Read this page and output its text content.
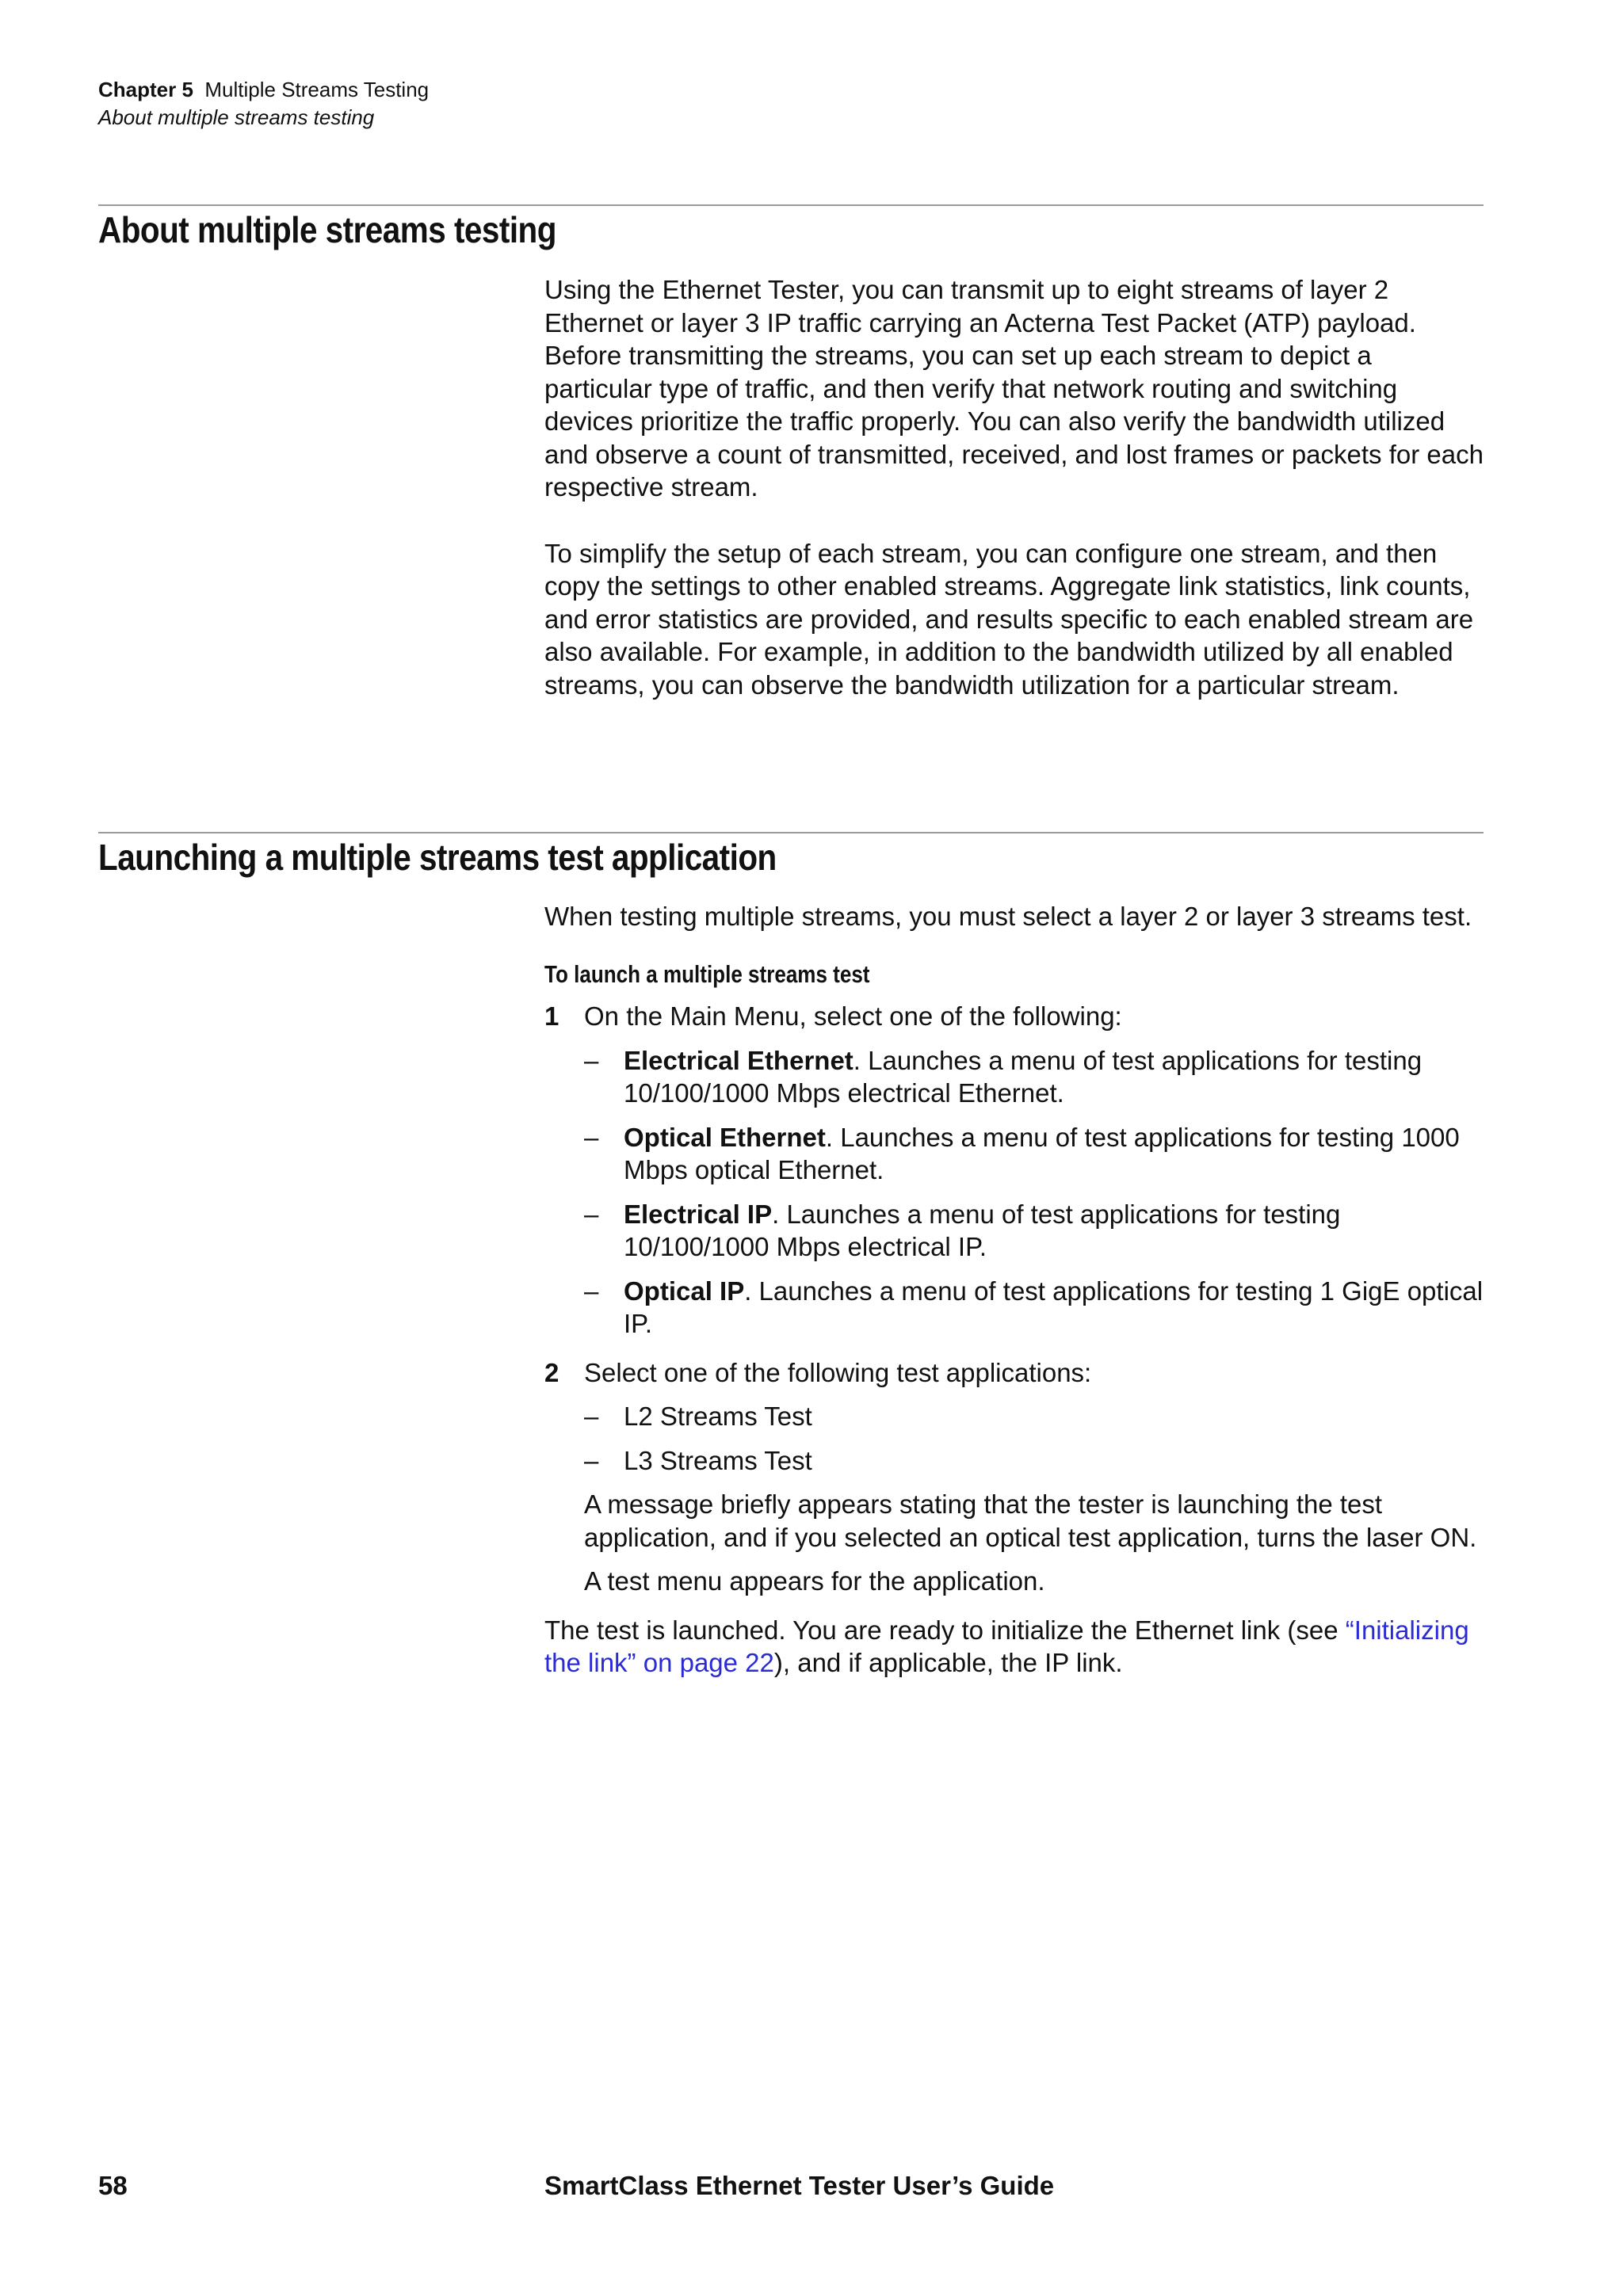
Chapter 5 Multiple Streams Testing
About multiple streams testing
About multiple streams testing

Using the Ethernet Tester, you can transmit up to eight streams of layer 2 Ethernet or layer 3 IP traffic carrying an Acterna Test Packet (ATP) payload. Before transmitting the streams, you can set up each stream to depict a particular type of traffic, and then verify that network routing and switching devices prioritize the traffic properly. You can also verify the bandwidth utilized and observe a count of transmitted, received, and lost frames or packets for each respective stream.

To simplify the setup of each stream, you can configure one stream, and then copy the settings to other enabled streams. Aggregate link statistics, link counts, and error statistics are provided, and results specific to each enabled stream are also available. For example, in addition to the bandwidth utilized by all enabled streams, you can observe the bandwidth utilization for a particular stream.

Launching a multiple streams test application

When testing multiple streams, you must select a layer 2 or layer 3 streams test.

To launch a multiple streams test

1 On the Main Menu, select one of the following:
– Electrical Ethernet. Launches a menu of test applications for testing 10/100/1000 Mbps electrical Ethernet.
– Optical Ethernet. Launches a menu of test applications for testing 1000 Mbps optical Ethernet.
– Electrical IP. Launches a menu of test applications for testing 10/100/1000 Mbps electrical IP.
– Optical IP. Launches a menu of test applications for testing 1 GigE optical IP.
2 Select one of the following test applications:
– L2 Streams Test
– L3 Streams Test

A message briefly appears stating that the tester is launching the test application, and if you selected an optical test application, turns the laser ON.

A test menu appears for the application.

The test is launched. You are ready to initialize the Ethernet link (see “Initializing the link” on page 22), and if applicable, the IP link.

58	SmartClass Ethernet Tester User’s Guide
